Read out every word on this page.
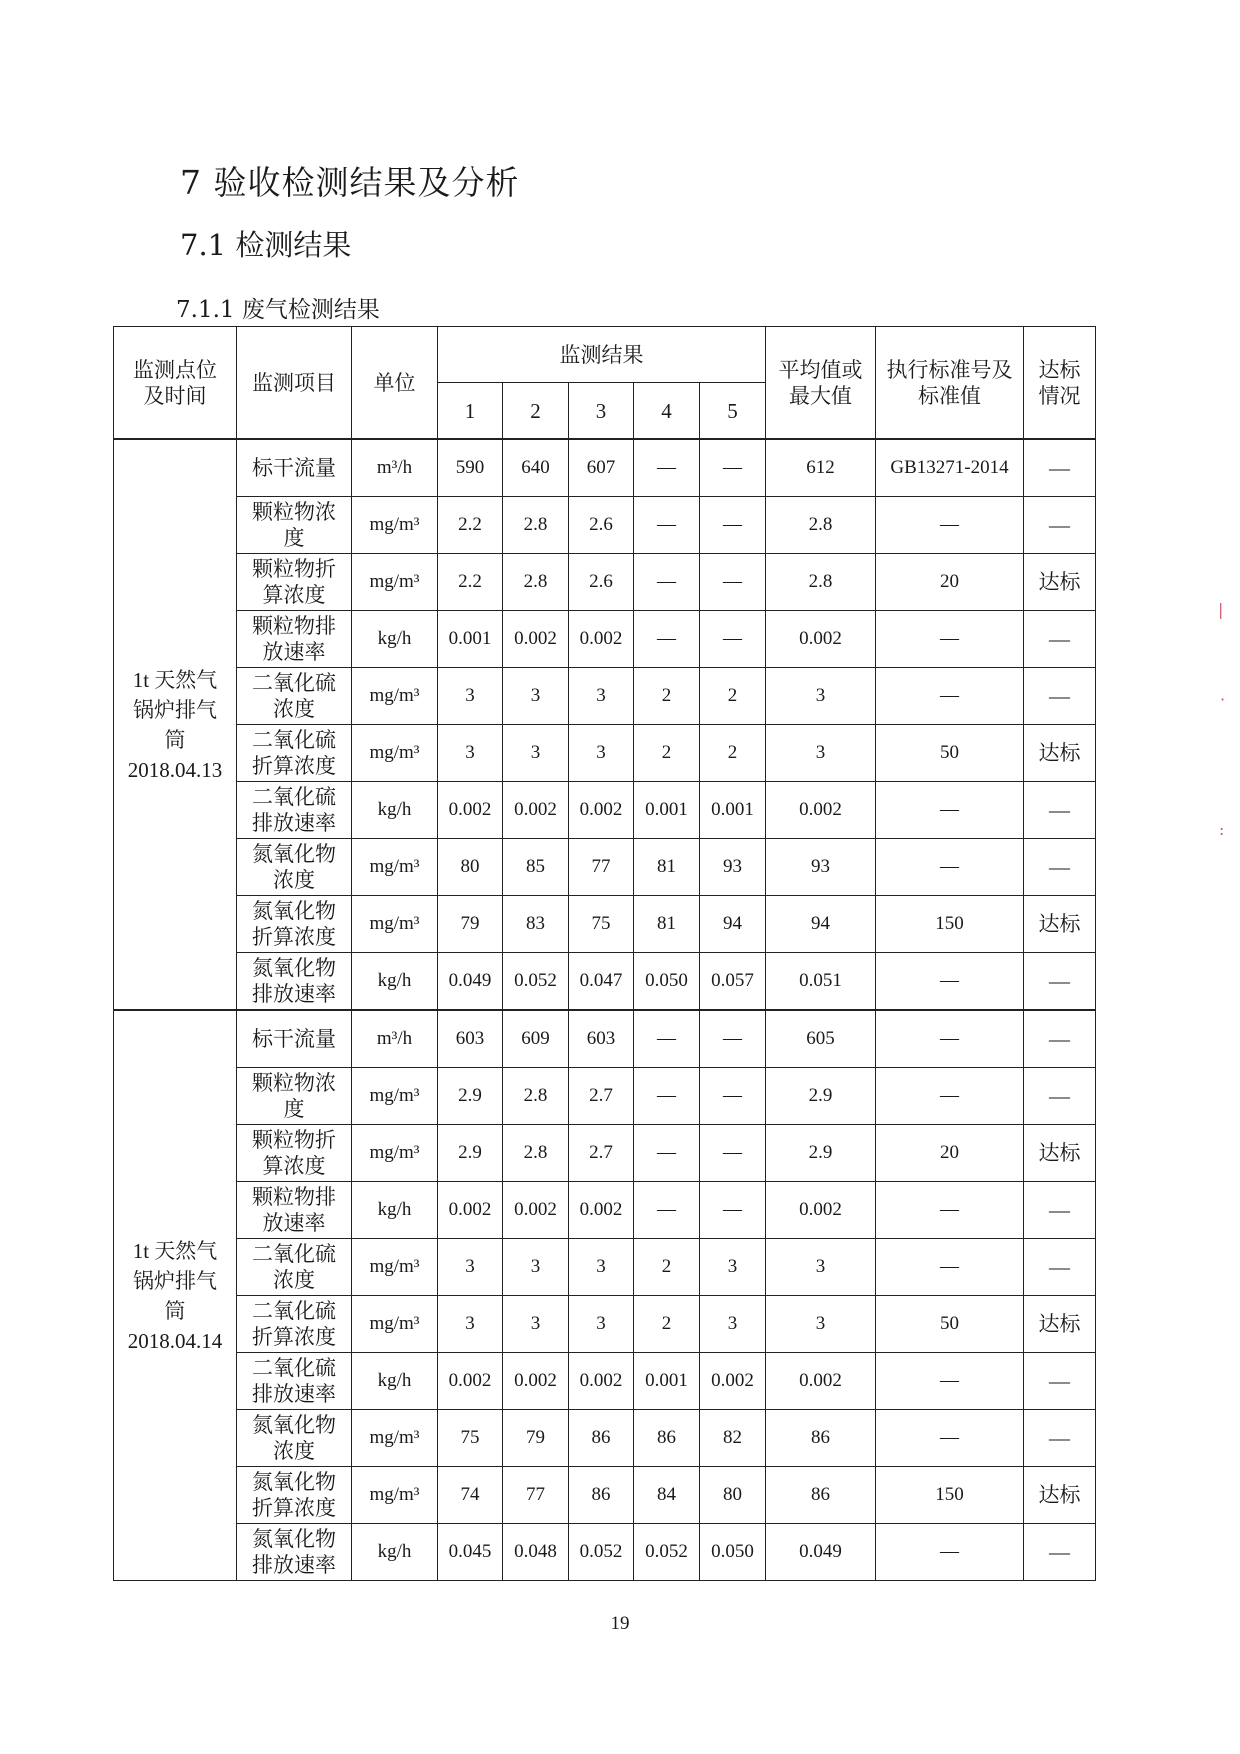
7 验收检测结果及分析
7.1 检测结果
7.1.1 废气检测结果
监测点位及时间	监测项目	单位	监测结果					平均值或最大值	执行标准号及标准值	达标情况
			1	2	3	4	5			
1t 天然气锅炉排气筒2018.04.13	标干流量	m³/h	590	640	607	—	—	612	GB13271-2014	—
	颗粒物浓度	mg/m³	2.2	2.8	2.6	—	—	2.8	—	—
	颗粒物折算浓度	mg/m³	2.2	2.8	2.6	—	—	2.8	20	达标
	颗粒物排放速率	kg/h	0.001	0.002	0.002	—	—	0.002	—	—
	二氧化硫浓度	mg/m³	3	3	3	2	2	3	—	—
	二氧化硫折算浓度	mg/m³	3	3	3	2	2	3	50	达标
	二氧化硫排放速率	kg/h	0.002	0.002	0.002	0.001	0.001	0.002	—	—
	氮氧化物浓度	mg/m³	80	85	77	81	93	93	—	—
	氮氧化物折算浓度	mg/m³	79	83	75	81	94	94	150	达标
	氮氧化物排放速率	kg/h	0.049	0.052	0.047	0.050	0.057	0.051	—	—
1t 天然气锅炉排气筒2018.04.14	标干流量	m³/h	603	609	603	—	—	605	—	—
	颗粒物浓度	mg/m³	2.9	2.8	2.7	—	—	2.9	—	—
	颗粒物折算浓度	mg/m³	2.9	2.8	2.7	—	—	2.9	20	达标
	颗粒物排放速率	kg/h	0.002	0.002	0.002	—	—	0.002	—	—
	二氧化硫浓度	mg/m³	3	3	3	2	3	3	—	—
	二氧化硫折算浓度	mg/m³	3	3	3	2	3	3	50	达标
	二氧化硫排放速率	kg/h	0.002	0.002	0.002	0.001	0.002	0.002	—	—
	氮氧化物浓度	mg/m³	75	79	86	86	82	86	—	—
	氮氧化物折算浓度	mg/m³	74	77	86	84	80	86	150	达标
	氮氧化物排放速率	kg/h	0.045	0.048	0.052	0.052	0.050	0.049	—	—
19
|
·
:
